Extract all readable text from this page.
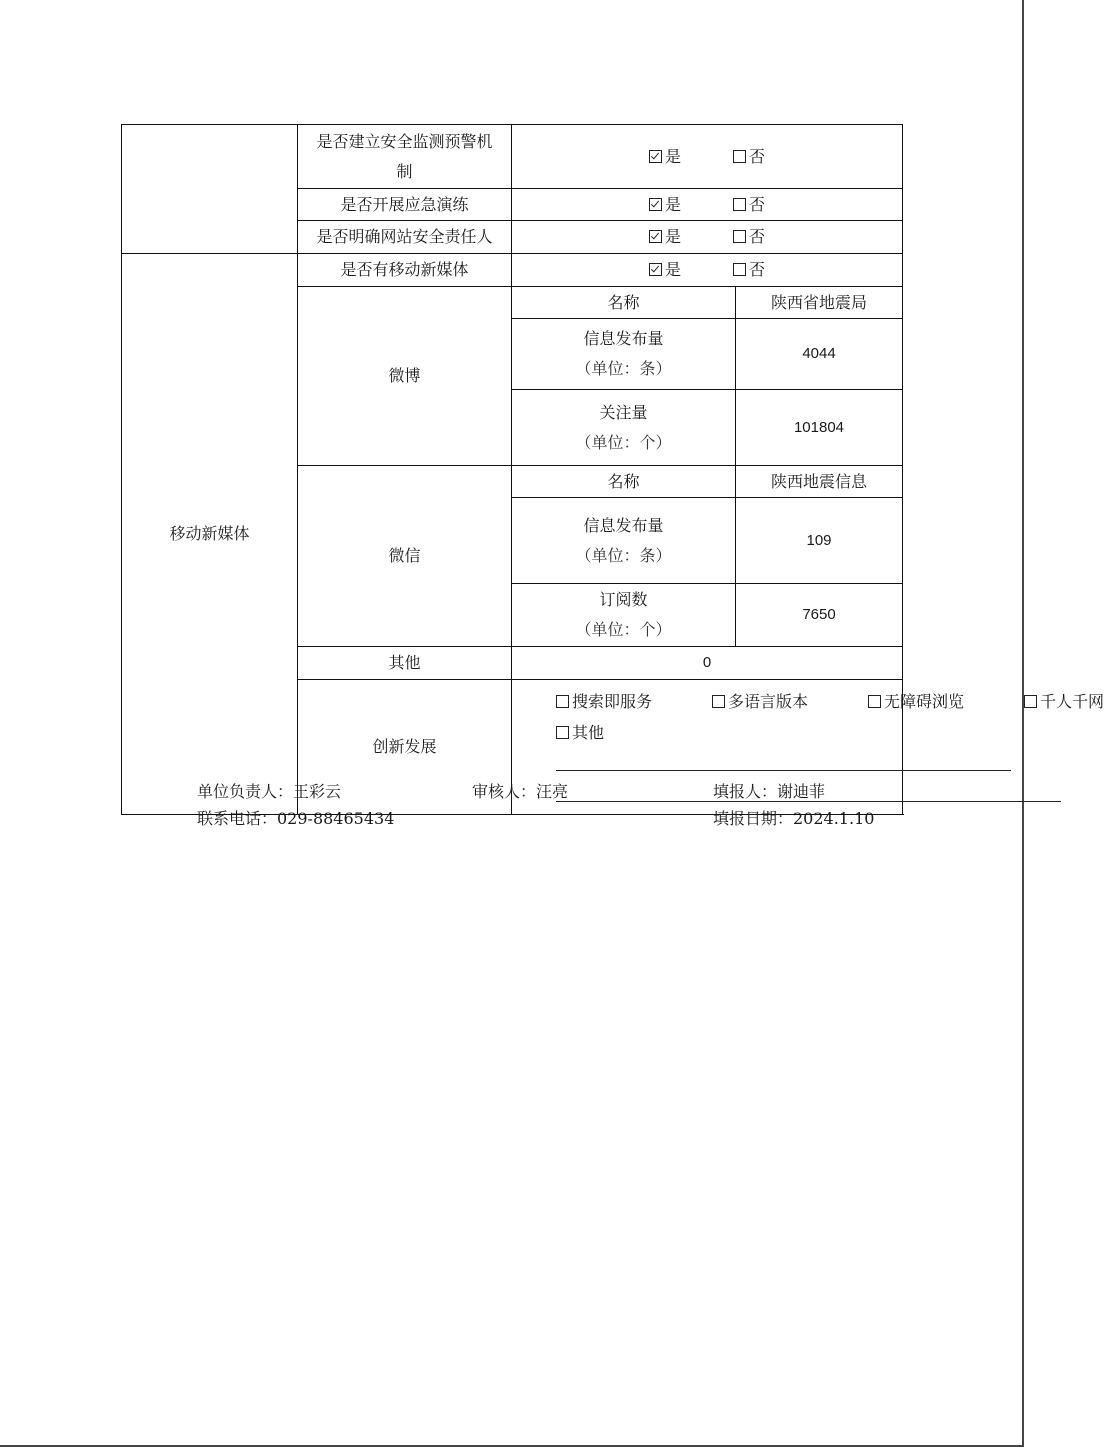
	是否建立安全监测预警机
制	是 否	
	是否开展应急演练	是 否	
	是否明确网站安全责任人	是 否	
移动新媒体	是否有移动新媒体	是 否	
	微博	名称	陕西省地震局

		信息发布量
（单位：条）	4044

		关注量
（单位：个）	101804
	微信	名称	陕西地震信息

		信息发布量
（单位：条）	109

		订阅数
（单位：个）	7650
	其他	0	
	创新发展	搜索即服务 多语言版本 无障碍浏览 千人千网
其他	
单位负责人：王彩云	审核人：汪亮	填报人：谢迪菲
联系电话：029-88465434	填报日期：2024.1.10
